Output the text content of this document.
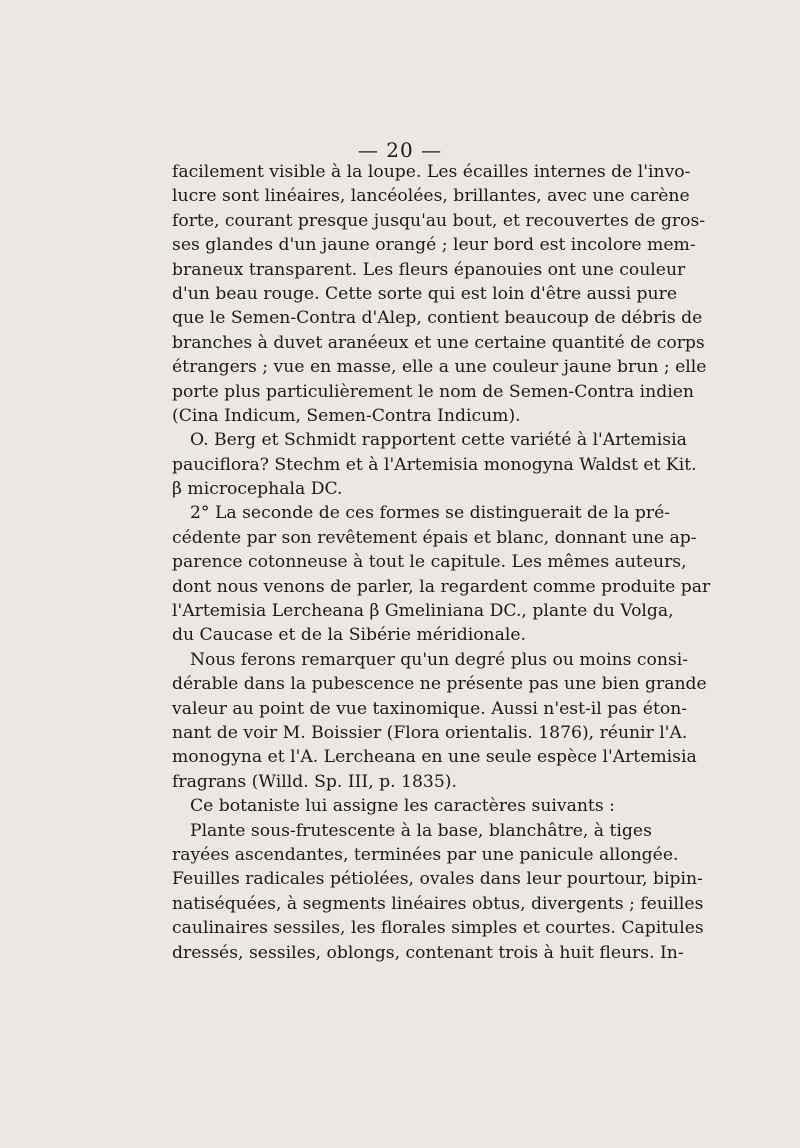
— 20 —
facilement visible à la loupe. Les écailles internes de l'invo-
lucre sont linéaires, lancéolées, brillantes, avec une carène
forte, courant presque jusqu'au bout, et recouvertes de gros-
ses glandes d'un jaune orangé ; leur bord est incolore mem-
braneux transparent. Les fleurs épanouies ont une couleur
d'un beau rouge. Cette sorte qui est loin d'être aussi pure
que le Semen-Contra d'Alep, contient beaucoup de débris de
branches à duvet aranéeux et une certaine quantité de corps
étrangers ; vue en masse, elle a une couleur jaune brun ; elle
porte plus particulièrement le nom de Semen-Contra indien
(Cina Indicum, Semen-Contra Indicum).
O. Berg et Schmidt rapportent cette variété à l'Artemisia
pauciflora? Stechm et à l'Artemisia monogyna Waldst et Kit.
β microcephala DC.
2° La seconde de ces formes se distinguerait de la pré-
cédente par son revêtement épais et blanc, donnant une ap-
parence cotonneuse à tout le capitule. Les mêmes auteurs,
dont nous venons de parler, la regardent comme produite par
l'Artemisia Lercheana β Gmeliniana DC., plante du Volga,
du Caucase et de la Sibérie méridionale.
Nous ferons remarquer qu'un degré plus ou moins consi-
dérable dans la pubescence ne présente pas une bien grande
valeur au point de vue taxinomique. Aussi n'est-il pas éton-
nant de voir M. Boissier (Flora orientalis. 1876), réunir l'A.
monogyna et l'A. Lercheana en une seule espèce l'Artemisia
fragrans (Willd. Sp. III, p. 1835).
Ce botaniste lui assigne les caractères suivants :
Plante sous-frutescente à la base, blanchâtre, à tiges
rayées ascendantes, terminées par une panicule allongée.
Feuilles radicales pétiolées, ovales dans leur pourtour, bipin-
natiséquées, à segments linéaires obtus, divergents ; feuilles
caulinaires sessiles, les florales simples et courtes. Capitules
dressés, sessiles, oblongs, contenant trois à huit fleurs. In-
